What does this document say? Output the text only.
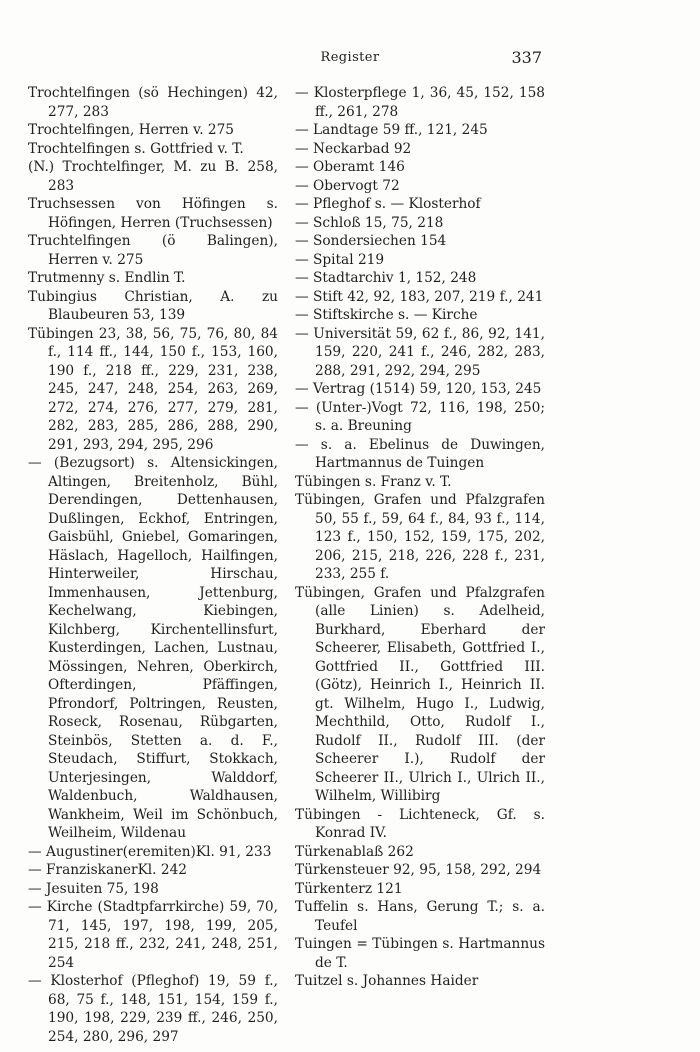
Register	337
Trochtelfingen (sö Hechingen) 42, 277, 283
Trochtelfingen, Herren v. 275
Trochtelfingen s. Gottfried v. T.
(N.) Trochtelfinger, M. zu B. 258, 283
Truchsessen von Höfingen s. Höfingen, Herren (Truchsessen)
Truchtelfingen (ö Balingen), Herren v. 275
Trutmenny s. Endlin T.
Tubingius Christian, A. zu Blaubeuren 53, 139
Tübingen 23, 38, 56, 75, 76, 80, 84 f., 114 ff., 144, 150 f., 153, 160, 190 f., 218 ff., 229, 231, 238, 245, 247, 248, 254, 263, 269, 272, 274, 276, 277, 279, 281, 282, 283, 285, 286, 288, 290, 291, 293, 294, 295, 296
— (Bezugsort) s. Altensickingen, Altingen, Breitenholz, Bühl, Derendingen, Dettenhausen, Dußlingen, Eckhof, Entringen, Gaisbühl, Gniebel, Gomaringen, Häslach, Hagelloch, Hailfingen, Hinterweiler, Hirschau, Immenhausen, Jettenburg, Kechelwang, Kiebingen, Kilchberg, Kirchentellinsfurt, Kusterdingen, Lachen, Lustnau, Mössingen, Nehren, Oberkirch, Ofterdingen, Pfäffingen, Pfrondorf, Poltringen, Reusten, Roseck, Rosenau, Rübgarten, Steinbös, Stetten a. d. F., Steudach, Stiffurt, Stokkach, Unterjesingen, Walddorf, Waldenbuch, Waldhausen, Wankheim, Weil im Schönbuch, Weilheim, Wildenau
— Augustiner(eremiten)Kl. 91, 233
— FranziskanerKl. 242
— Jesuiten 75, 198
— Kirche (Stadtpfarrkirche) 59, 70, 71, 145, 197, 198, 199, 205, 215, 218 ff., 232, 241, 248, 251, 254
— Klosterhof (Pfleghof) 19, 59 f., 68, 75 f., 148, 151, 154, 159 f., 190, 198, 229, 239 ff., 246, 250, 254, 280, 296, 297
— Klosterpflege 1, 36, 45, 152, 158 ff., 261, 278
— Landtage 59 ff., 121, 245
— Neckarbad 92
— Oberamt 146
— Obervogt 72
— Pfleghof s. — Klosterhof
— Schloß 15, 75, 218
— Sondersiechen 154
— Spital 219
— Stadtarchiv 1, 152, 248
— Stift 42, 92, 183, 207, 219 f., 241
— Stiftskirche s. — Kirche
— Universität 59, 62 f., 86, 92, 141, 159, 220, 241 f., 246, 282, 283, 288, 291, 292, 294, 295
— Vertrag (1514) 59, 120, 153, 245
— (Unter-)Vogt 72, 116, 198, 250; s. a. Breuning
— s. a. Ebelinus de Duwingen, Hartmannus de Tuingen
Tübingen s. Franz v. T.
Tübingen, Grafen und Pfalzgrafen 50, 55 f., 59, 64 f., 84, 93 f., 114, 123 f., 150, 152, 159, 175, 202, 206, 215, 218, 226, 228 f., 231, 233, 255 f.
Tübingen, Grafen und Pfalzgrafen (alle Linien) s. Adelheid, Burkhard, Eberhard der Scheerer, Elisabeth, Gottfried I., Gottfried II., Gottfried III. (Götz), Heinrich I., Heinrich II. gt. Wilhelm, Hugo I., Ludwig, Mechthild, Otto, Rudolf I., Rudolf II., Rudolf III. (der Scheerer I.), Rudolf der Scheerer II., Ulrich I., Ulrich II., Wilhelm, Willibirg
Tübingen - Lichteneck, Gf. s. Konrad IV.
Türkenablaß 262
Türkensteuer 92, 95, 158, 292, 294
Türkenterz 121
Tuffelin s. Hans, Gerung T.; s. a. Teufel
Tuingen = Tübingen s. Hartmannus de T.
Tuitzel s. Johannes Haider
